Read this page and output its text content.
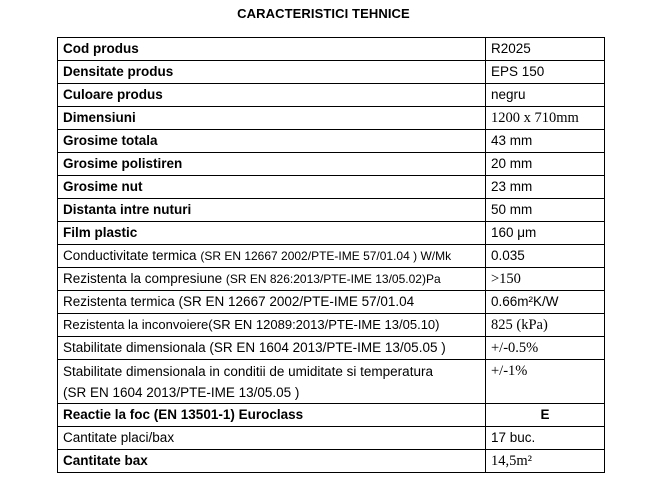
CARACTERISTICI TEHNICE
Cod produs	R2025
Densitate produs	EPS 150
Culoare produs	negru
Dimensiuni	1200 x 710mm
Grosime totala	43 mm
Grosime polistiren	20 mm
Grosime nut	23 mm
Distanta intre nuturi	50 mm
Film plastic	160 μm
Conductivitate termica (SR EN 12667 2002/PTE-IME 57/01.04 ) W/Mk	0.035
Rezistenta la compresiune (SR EN 826:2013/PTE-IME 13/05.02)Pa	>150
Rezistenta termica (SR EN 12667 2002/PTE-IME 57/01.04	0.66m²K/W
Rezistenta la inconvoiere(SR EN 12089:2013/PTE-IME 13/05.10)	825 (kPa)
Stabilitate dimensionala (SR EN 1604 2013/PTE-IME 13/05.05 )	+/-0.5%
Stabilitate dimensionala in conditii de umiditate si temperatura
(SR EN 1604 2013/PTE-IME 13/05.05 )	+/-1%
Reactie la foc (EN 13501-1) Euroclass	E
Cantitate placi/bax	17 buc.
Cantitate bax	14,5m²
